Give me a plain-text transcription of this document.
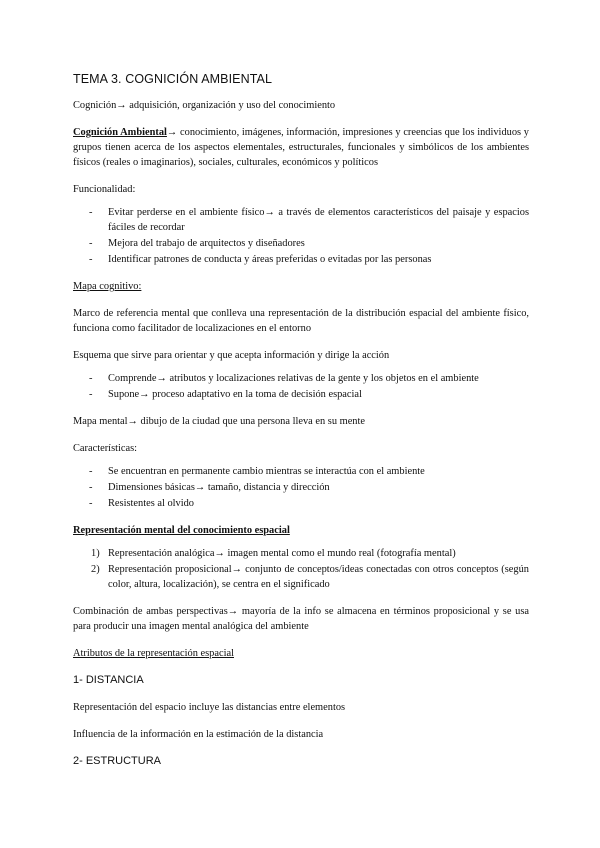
TEMA 3. COGNICIÓN AMBIENTAL

Cognición→ adquisición, organización y uso del conocimiento

Cognición Ambiental→ conocimiento, imágenes, información, impresiones y creencias que los individuos y grupos tienen acerca de los aspectos elementales, estructurales, funcionales y simbólicos de los ambientes físicos (reales o imaginarios), sociales, culturales, económicos y políticos

Funcionalidad:

- Evitar perderse en el ambiente físico→ a través de elementos característicos del paisaje y espacios fáciles de recordar
- Mejora del trabajo de arquitectos y diseñadores
- Identificar patrones de conducta y áreas preferidas o evitadas por las personas

Mapa cognitivo:

Marco de referencia mental que conlleva una representación de la distribución espacial del ambiente físico, funciona como facilitador de localizaciones en el entorno

Esquema que sirve para orientar y que acepta información y dirige la acción

- Comprende→ atributos y localizaciones relativas de la gente y los objetos en el ambiente
- Supone→ proceso adaptativo en la toma de decisión espacial

Mapa mental→ dibujo de la ciudad que una persona lleva en su mente

Características:

- Se encuentran en permanente cambio mientras se interactúa con el ambiente
- Dimensiones básicas→ tamaño, distancia y dirección
- Resistentes al olvido

Representación mental del conocimiento espacial

1) Representación analógica→ imagen mental como el mundo real (fotografía mental)
2) Representación proposicional→ conjunto de conceptos/ideas conectadas con otros conceptos (según color, altura, localización), se centra en el significado

Combinación de ambas perspectivas→ mayoría de la info se almacena en términos proposicional y se usa para producir una imagen mental analógica del ambiente

Atributos de la representación espacial

1- DISTANCIA

Representación del espacio incluye las distancias entre elementos

Influencia de la información en la estimación de la distancia

2- ESTRUCTURA
